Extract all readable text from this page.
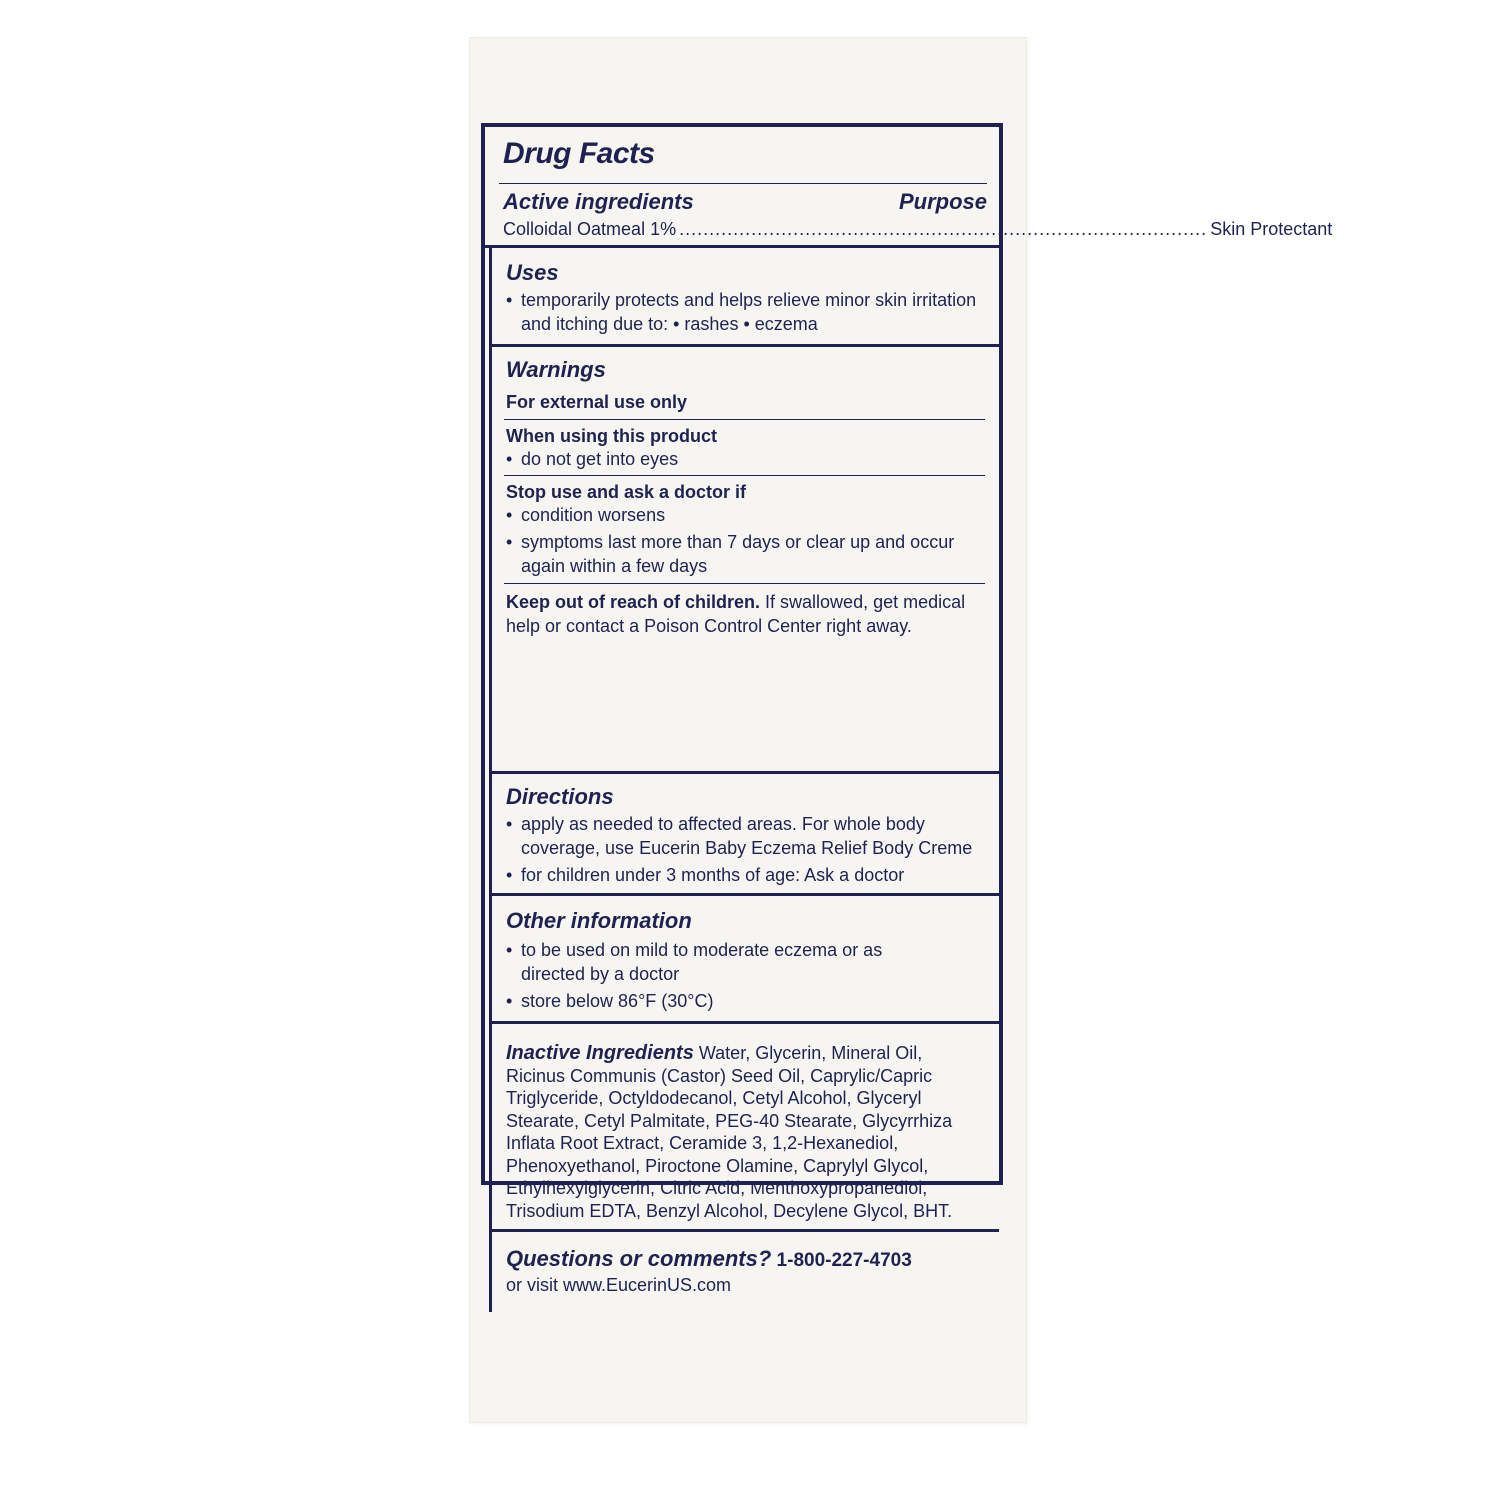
Drug Facts
Active ingredients	Purpose
Colloidal Oatmeal 1% ........................................................................................ Skin Protectant
Uses
• temporarily protects and helps relieve minor skin irritation and itching due to: • rashes • eczema
Warnings
For external use only
When using this product
• do not get into eyes
Stop use and ask a doctor if
• condition worsens
• symptoms last more than 7 days or clear up and occur again within a few days
Keep out of reach of children. If swallowed, get medical help or contact a Poison Control Center right away.
Directions
• apply as needed to affected areas. For whole body coverage, use Eucerin Baby Eczema Relief Body Creme
• for children under 3 months of age: Ask a doctor
Other information
• to be used on mild to moderate eczema or as directed by a doctor
• store below 86°F (30°C)
Inactive Ingredients Water, Glycerin, Mineral Oil, Ricinus Communis (Castor) Seed Oil, Caprylic/Capric Triglyceride, Octyldodecanol, Cetyl Alcohol, Glyceryl Stearate, Cetyl Palmitate, PEG-40 Stearate, Glycyrrhiza Inflata Root Extract, Ceramide 3, 1,2-Hexanediol, Phenoxyethanol, Piroctone Olamine, Caprylyl Glycol, Ethylhexylglycerin, Citric Acid, Menthoxypropanediol, Trisodium EDTA, Benzyl Alcohol, Decylene Glycol, BHT.
Questions or comments? 1-800-227-4703
or visit www.EucerinUS.com
